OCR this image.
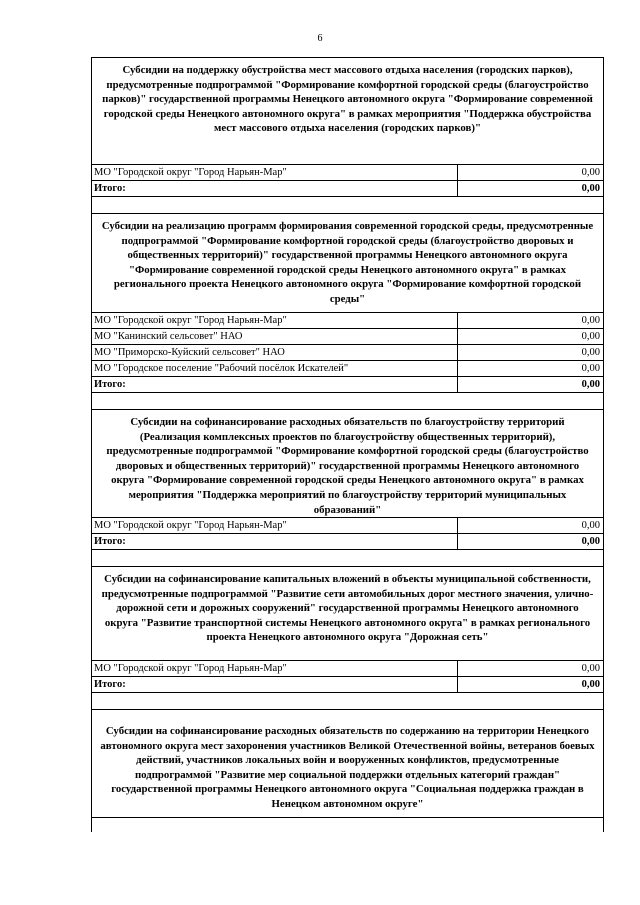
6
Субсидии на поддержку обустройства мест массового отдыха населения (городских парков), предусмотренные подпрограммой "Формирование комфортной городской среды (благоустройство парков)" государственной программы Ненецкого автономного округа "Формирование современной городской среды Ненецкого автономного округа" в рамках мероприятия "Поддержка обустройства мест массового отдыха населения (городских парков)"
МО "Городской округ "Город Нарьян-Мар"	0,00
Итого:	0,00
Субсидии на реализацию программ формирования современной городской среды, предусмотренные подпрограммой "Формирование комфортной городской среды (благоустройство дворовых и общественных территорий)" государственной программы Ненецкого автономного округа "Формирование современной городской среды Ненецкого автономного округа" в рамках регионального проекта Ненецкого автономного округа "Формирование комфортной городской среды"
МО "Городской округ "Город Нарьян-Мар"	0,00
МО "Канинский сельсовет" НАО	0,00
МО "Приморско-Куйский сельсовет" НАО	0,00
МО "Городское поселение "Рабочий посёлок Искателей"	0,00
Итого:	0,00
Субсидии на софинансирование расходных обязательств по благоустройству территорий (Реализация комплексных проектов по благоустройству общественных территорий), предусмотренные подпрограммой "Формирование комфортной городской среды (благоустройство дворовых и общественных территорий)" государственной программы Ненецкого автономного округа "Формирование современной городской среды Ненецкого автономного округа" в рамках мероприятия "Поддержка мероприятий по благоустройству территорий муниципальных образований"
МО "Городской округ "Город Нарьян-Мар"	0,00
Итого:	0,00
Субсидии на софинансирование капитальных вложений в объекты муниципальной собственности, предусмотренные подпрограммой "Развитие сети автомобильных дорог местного значения, улично-дорожной сети и дорожных сооружений" государственной программы Ненецкого автономного округа "Развитие транспортной системы Ненецкого автономного округа" в рамках регионального проекта Ненецкого автономного округа "Дорожная сеть"
МО "Городской округ "Город Нарьян-Мар"	0,00
Итого:	0,00
Субсидии на софинансирование расходных обязательств по содержанию на территории Ненецкого автономного округа мест захоронения участников Великой Отечественной войны, ветеранов боевых действий, участников локальных войн и вооруженных конфликтов, предусмотренные подпрограммой "Развитие мер социальной поддержки отдельных категорий граждан" государственной программы Ненецкого автономного округа "Социальная поддержка граждан в Ненецком автономном округе"
